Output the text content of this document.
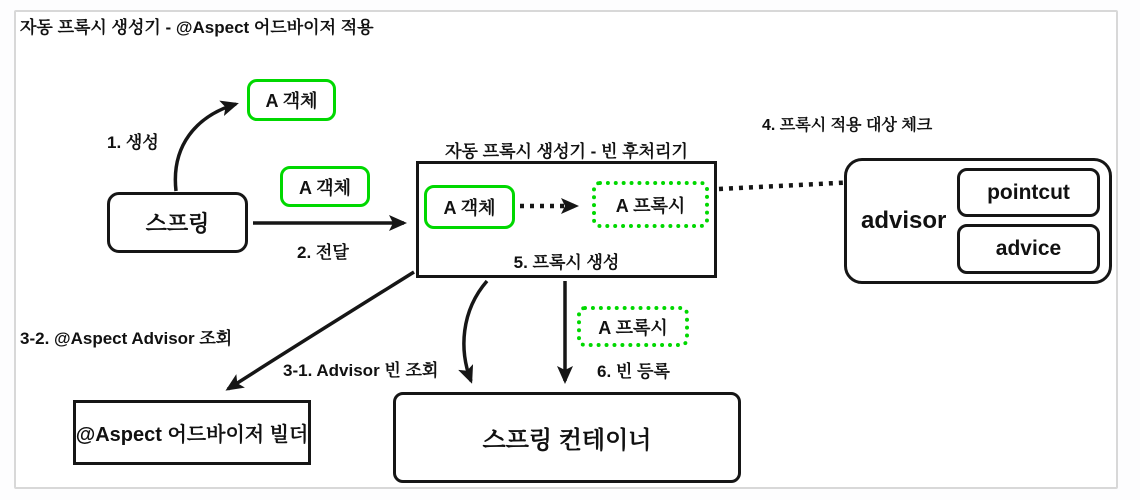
자동 프록시 생성기 - @Aspect 어드바이저 적용
1. 생성
2. 전달
3-2. @Aspect Advisor 조회
3-1. Advisor 빈 조회
4. 프록시 적용 대상 체크
6. 빈 등록
자동 프록시 생성기 - 빈 후처리기
스프링
A 객체
A 객체
A 객체	A 프록시
5. 프록시 생성
advisor
pointcut
advice
@Aspect 어드바이저 빌더
A 프록시
스프링 컨테이너
